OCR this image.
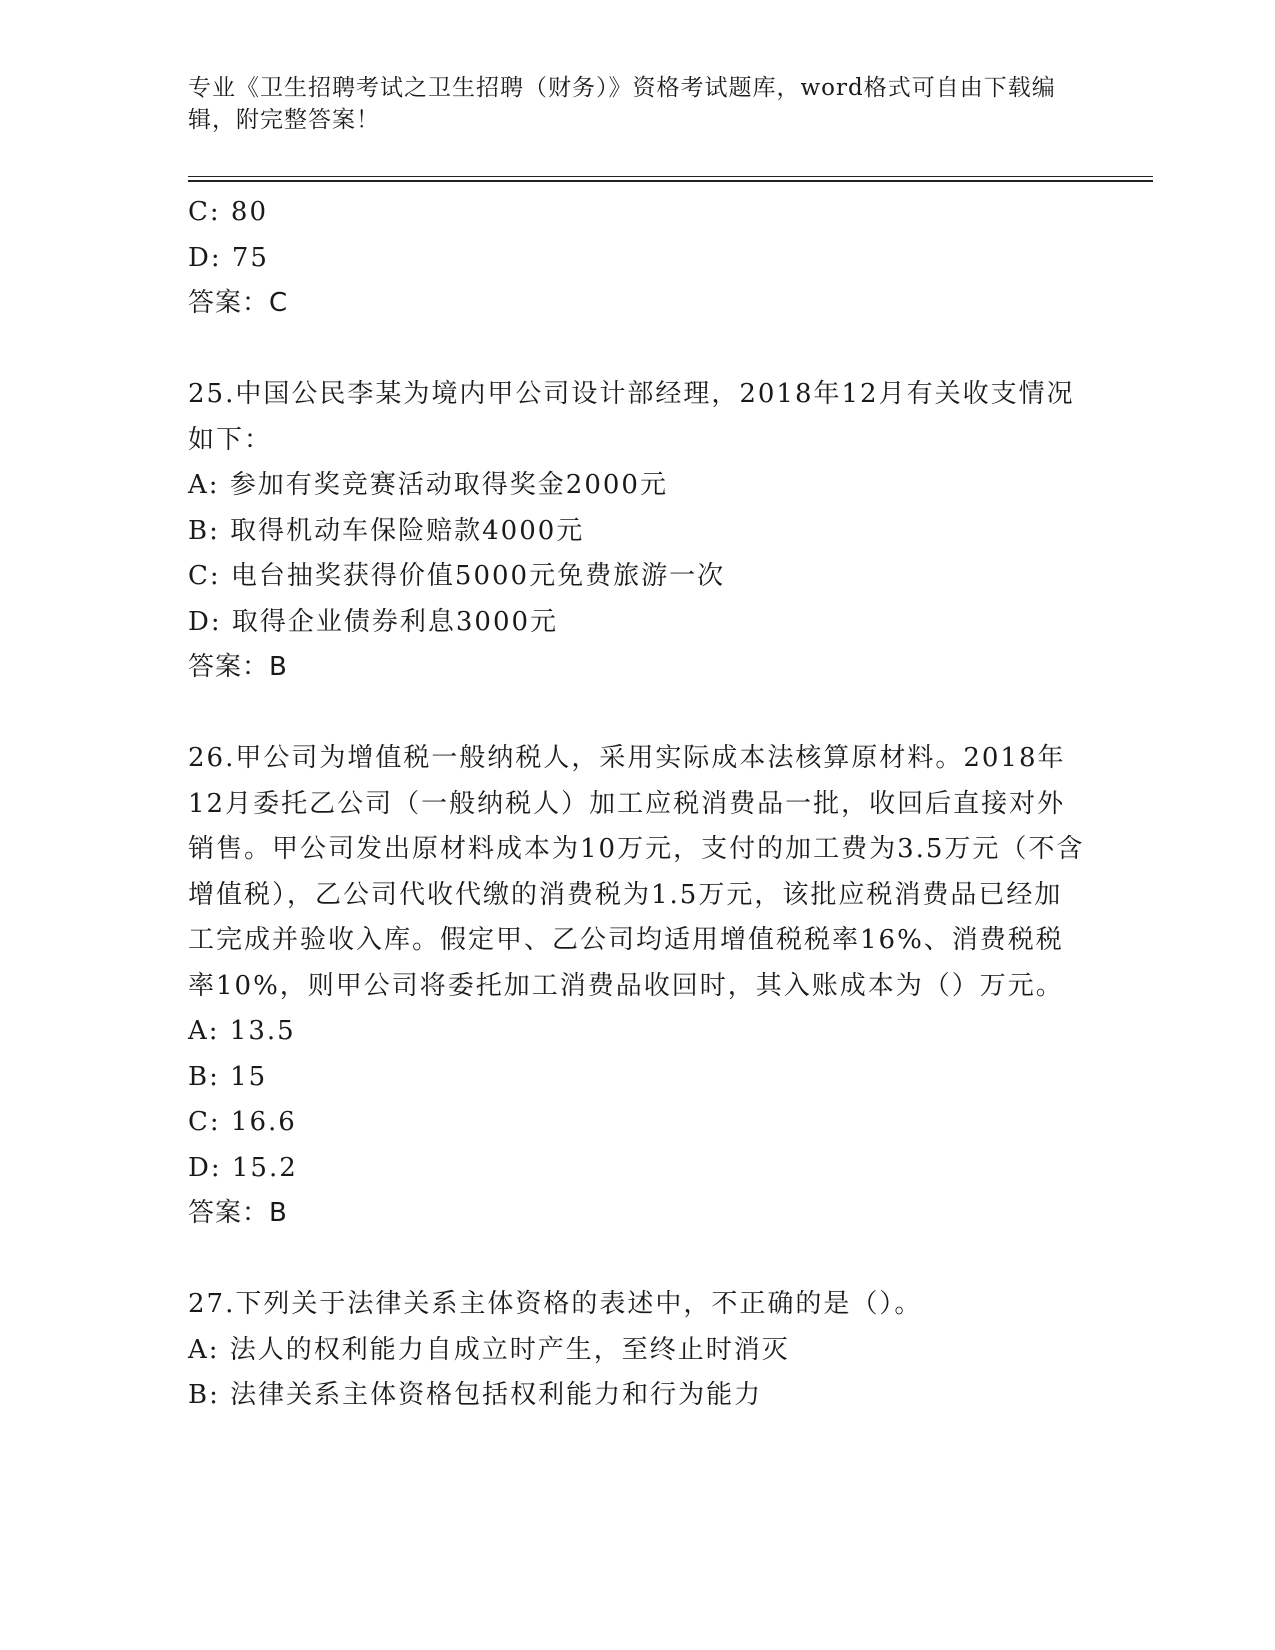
专业《卫生招聘考试之卫生招聘（财务）》资格考试题库，word格式可自由下载编辑，附完整答案！
C: 80
D: 75
答案：C
25.中国公民李某为境内甲公司设计部经理，2018年12月有关收支情况如下：
A: 参加有奖竞赛活动取得奖金2000元
B: 取得机动车保险赔款4000元
C: 电台抽奖获得价值5000元免费旅游一次
D: 取得企业债券利息3000元
答案：B
26.甲公司为增值税一般纳税人，采用实际成本法核算原材料。2018年12月委托乙公司（一般纳税人）加工应税消费品一批，收回后直接对外销售。甲公司发出原材料成本为10万元，支付的加工费为3.5万元（不含增值税），乙公司代收代缴的消费税为1.5万元，该批应税消费品已经加工完成并验收入库。假定甲、乙公司均适用增值税税率16%、消费税税率10%，则甲公司将委托加工消费品收回时，其入账成本为（）万元。
A: 13.5
B: 15
C: 16.6
D: 15.2
答案：B
27.下列关于法律关系主体资格的表述中，不正确的是（）。
A: 法人的权利能力自成立时产生，至终止时消灭
B: 法律关系主体资格包括权利能力和行为能力
